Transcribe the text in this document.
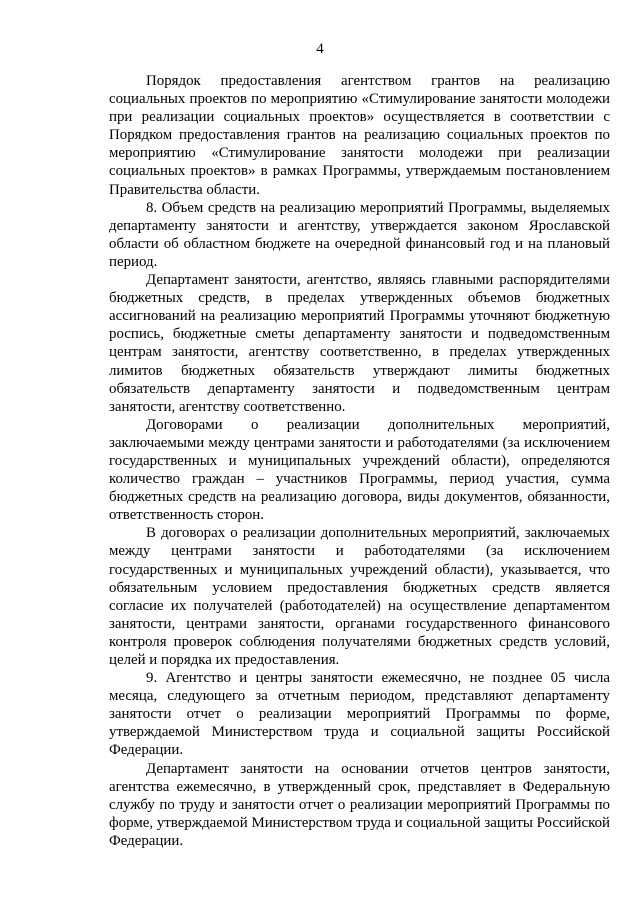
4

Порядок предоставления агентством грантов на реализацию социальных проектов по мероприятию «Стимулирование занятости молодежи при реализации социальных проектов» осуществляется в соответствии с Порядком предоставления грантов на реализацию социальных проектов по мероприятию «Стимулирование занятости молодежи при реализации социальных проектов» в рамках Программы, утверждаемым постановлением Правительства области.

8. Объем средств на реализацию мероприятий Программы, выделяемых департаменту занятости и агентству, утверждается законом Ярославской области об областном бюджете на очередной финансовый год и на плановый период.

Департамент занятости, агентство, являясь главными распорядителями бюджетных средств, в пределах утвержденных объемов бюджетных ассигнований на реализацию мероприятий Программы уточняют бюджетную роспись, бюджетные сметы департаменту занятости и подведомственным центрам занятости, агентству соответственно, в пределах утвержденных лимитов бюджетных обязательств утверждают лимиты бюджетных обязательств департаменту занятости и подведомственным центрам занятости, агентству соответственно.

Договорами о реализации дополнительных мероприятий, заключаемыми между центрами занятости и работодателями (за исключением государственных и муниципальных учреждений области), определяются количество граждан – участников Программы, период участия, сумма бюджетных средств на реализацию договора, виды документов, обязанности, ответственность сторон.

В договорах о реализации дополнительных мероприятий, заключаемых между центрами занятости и работодателями (за исключением государственных и муниципальных учреждений области), указывается, что обязательным условием предоставления бюджетных средств является согласие их получателей (работодателей) на осуществление департаментом занятости, центрами занятости, органами государственного финансового контроля проверок соблюдения получателями бюджетных средств условий, целей и порядка их предоставления.

9. Агентство и центры занятости ежемесячно, не позднее 05 числа месяца, следующего за отчетным периодом, представляют департаменту занятости отчет о реализации мероприятий Программы по форме, утверждаемой Министерством труда и социальной защиты Российской Федерации.

Департамент занятости на основании отчетов центров занятости, агентства ежемесячно, в утвержденный срок, представляет в Федеральную службу по труду и занятости отчет о реализации мероприятий Программы по форме, утверждаемой Министерством труда и социальной защиты Российской Федерации.
